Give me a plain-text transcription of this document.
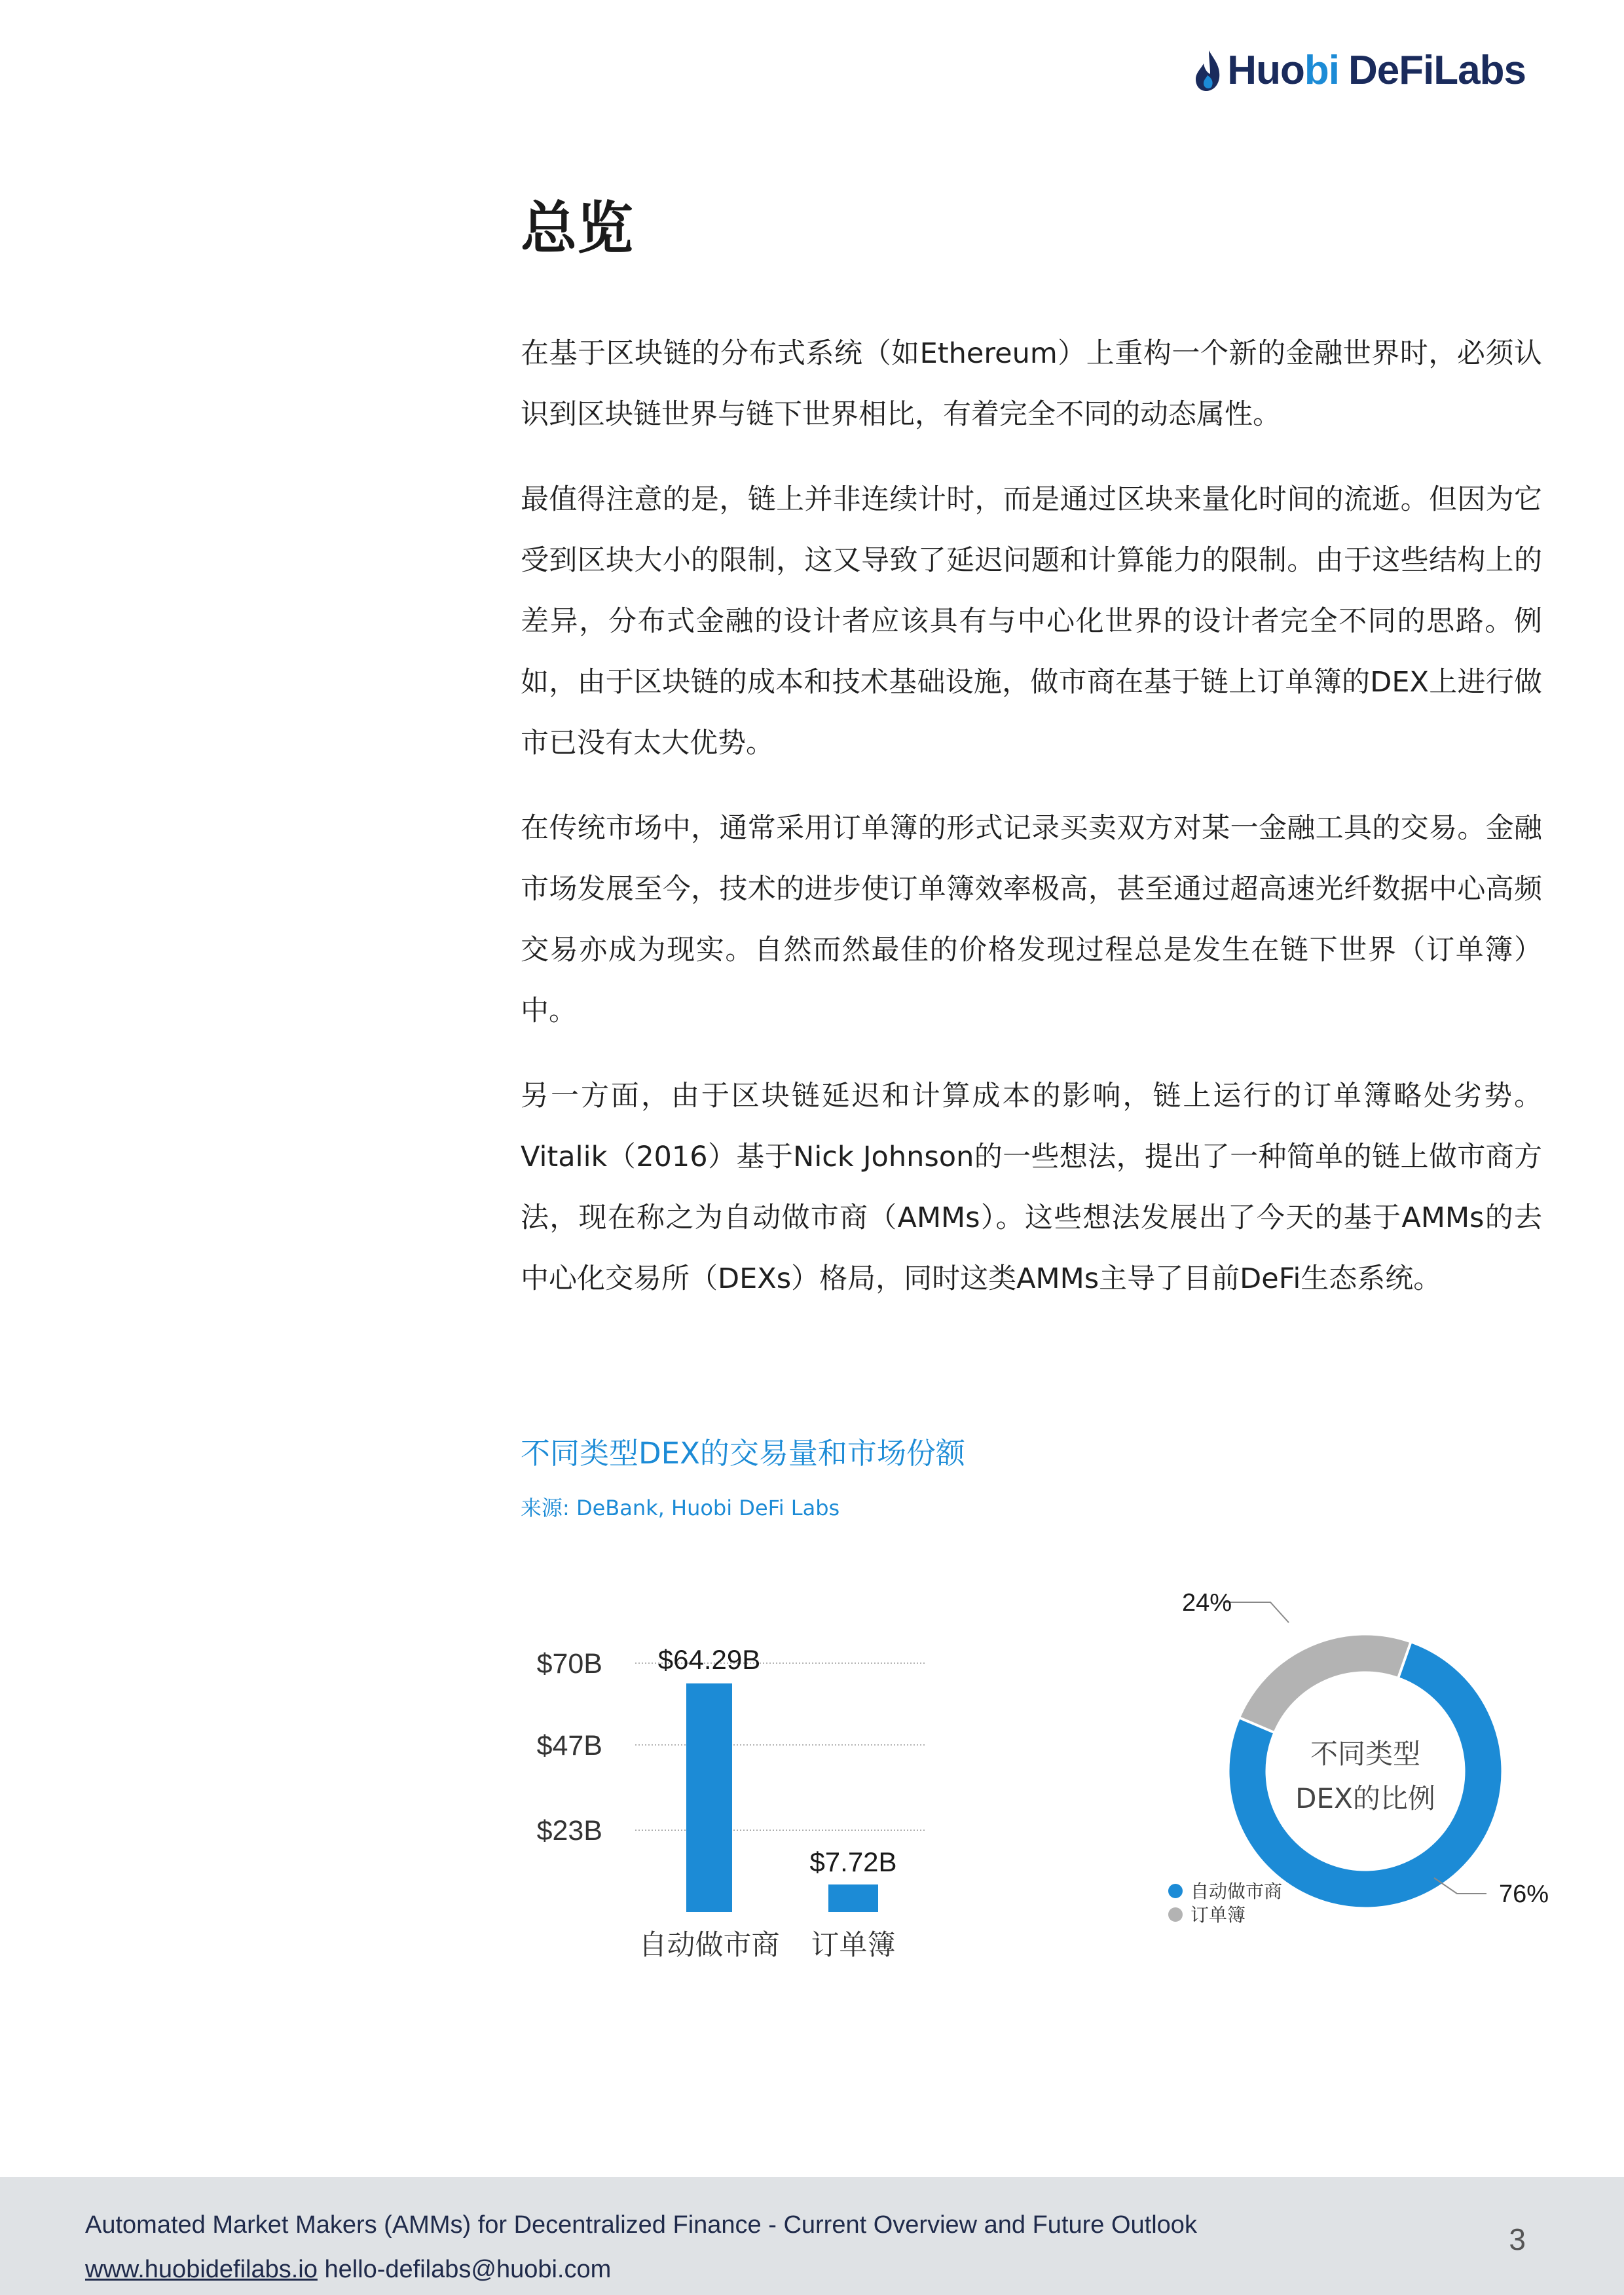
Huobi DeFiLabs
总览

在基于区块链的分布式系统（如Ethereum）上重构一个新的金融世界时，必须认识到区块链世界与链下世界相比，有着完全不同的动态属性。

最值得注意的是，链上并非连续计时，而是通过区块来量化时间的流逝。但因为它受到区块大小的限制，这又导致了延迟问题和计算能力的限制。由于这些结构上的差异，分布式金融的设计者应该具有与中心化世界的设计者完全不同的思路。例如，由于区块链的成本和技术基础设施，做市商在基于链上订单簿的DEX上进行做市已没有太大优势。

在传统市场中，通常采用订单簿的形式记录买卖双方对某一金融工具的交易。金融市场发展至今，技术的进步使订单簿效率极高，甚至通过超高速光纤数据中心高频交易亦成为现实。自然而然最佳的价格发现过程总是发生在链下世界（订单簿）中。

另一方面，由于区块链延迟和计算成本的影响，链上运行的订单簿略处劣势。Vitalik（2016）基于Nick Johnson的一些想法，提出了一种简单的链上做市商方法，现在称之为自动做市商（AMMs）。这些想法发展出了今天的基于AMMs的去中心化交易所（DEXs）格局，同时这类AMMs主导了目前DeFi生态系统。

不同类型DEX的交易量和市场份额
来源: DeBank, Huobi DeFi Labs
$23B
$47B
$70B $64.29B
自动做市商
$7.72B
订单簿
不同类型
DEX的比例
24%
76%
自动做市商
订单簿
Automated Market Makers (AMMs) for Decentralized Finance - Current Overview and Future Outlook
www.huobidefilabs.io hello-defilabs@huobi.com
3
